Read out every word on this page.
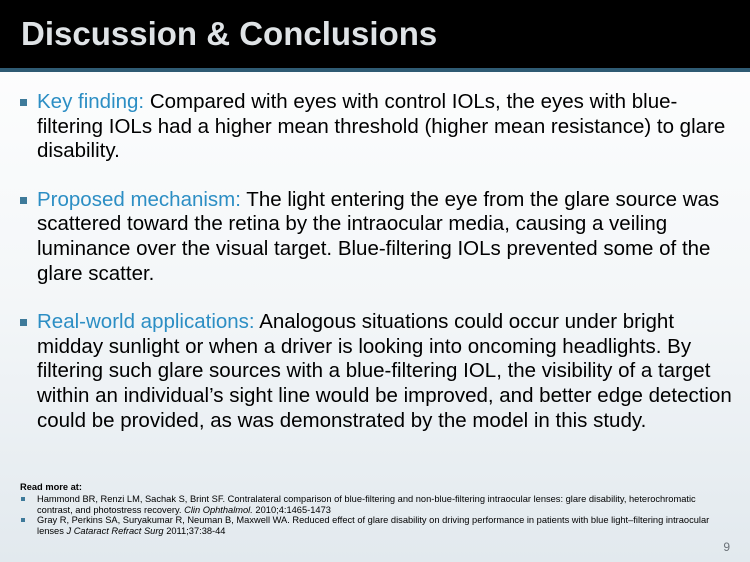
Discussion & Conclusions
Key finding: Compared with eyes with control IOLs, the eyes with blue-filtering IOLs had a higher mean threshold (higher mean resistance) to glare disability.
Proposed mechanism: The light entering the eye from the glare source was scattered toward the retina by the intraocular media, causing a veiling luminance over the visual target. Blue-filtering IOLs prevented some of the glare scatter.
Real-world applications: Analogous situations could occur under bright midday sunlight or when a driver is looking into oncoming headlights. By filtering such glare sources with a blue-filtering IOL, the visibility of a target within an individual’s sight line would be improved, and better edge detection could be provided, as was demonstrated by the model in this study.
Read more at:
Hammond BR, Renzi LM, Sachak S, Brint SF. Contralateral comparison of blue-filtering and non-blue-filtering intraocular lenses: glare disability, heterochromatic contrast, and photostress recovery. Clin Ophthalmol. 2010;4:1465-1473
Gray R, Perkins SA, Suryakumar R, Neuman B, Maxwell WA. Reduced effect of glare disability on driving performance in patients with blue light–filtering intraocular lenses J Cataract Refract Surg 2011;37:38-44
9
